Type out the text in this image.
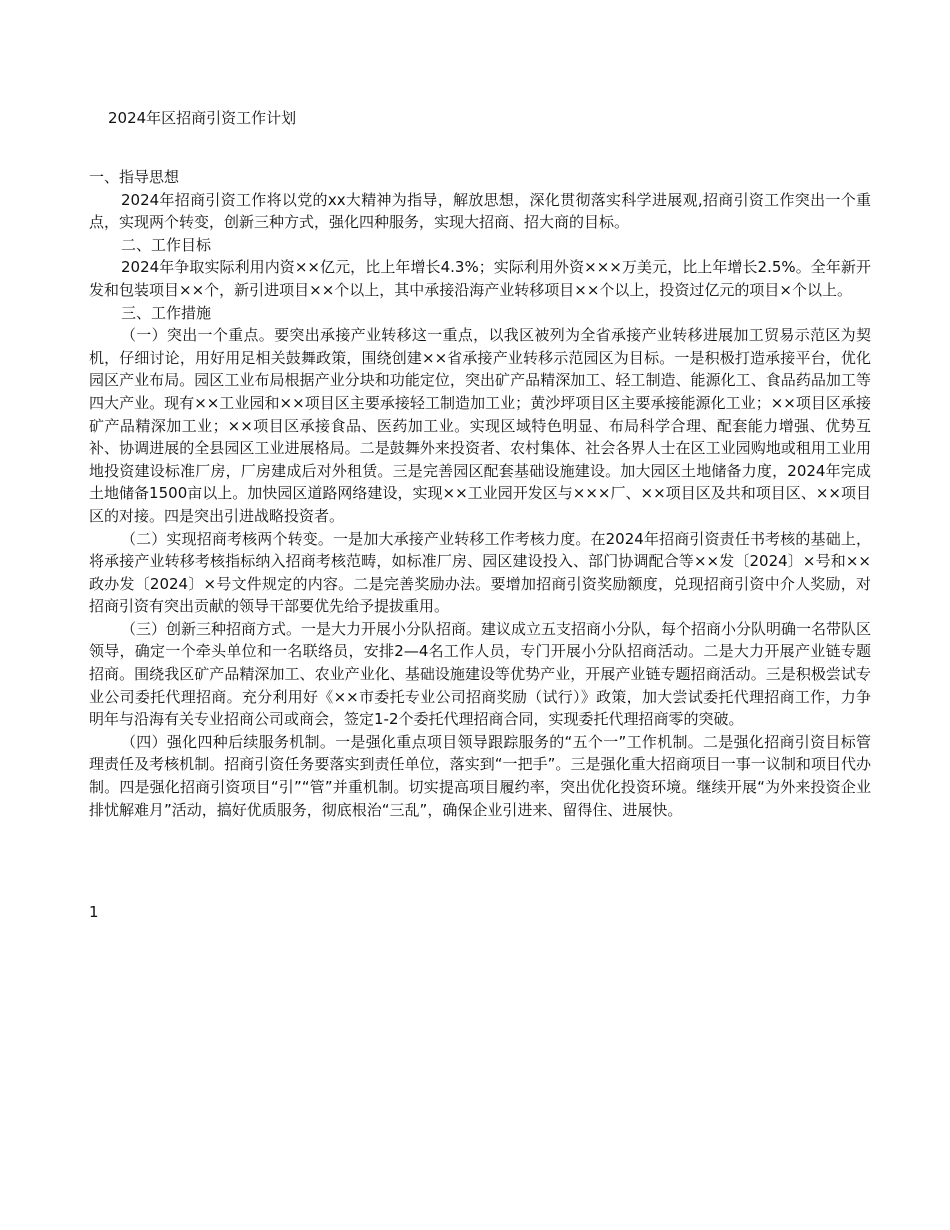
2024年区招商引资工作计划

一、指导思想

2024年招商引资工作将以党的xx大精神为指导，解放思想，深化贯彻落实科学进展观,招商引资工作突出一个重点，实现两个转变，创新三种方式，强化四种服务，实现大招商、招大商的目标。

二、工作目标

2024年争取实际利用内资××亿元，比上年增长4.3%；实际利用外资×××万美元，比上年增长2.5%。全年新开发和包装项目××个，新引进项目××个以上，其中承接沿海产业转移项目××个以上，投资过亿元的项目×个以上。

三、工作措施

（一）突出一个重点。要突出承接产业转移这一重点，以我区被列为全省承接产业转移进展加工贸易示范区为契机，仔细讨论，用好用足相关鼓舞政策，围绕创建××省承接产业转移示范园区为目标。一是积极打造承接平台，优化园区产业布局。园区工业布局根据产业分块和功能定位，突出矿产品精深加工、轻工制造、能源化工、食品药品加工等四大产业。现有××工业园和××项目区主要承接轻工制造加工业；黄沙坪项目区主要承接能源化工业；××项目区承接矿产品精深加工业；××项目区承接食品、医药加工业。实现区域特色明显、布局科学合理、配套能力增强、优势互补、协调进展的全县园区工业进展格局。二是鼓舞外来投资者、农村集体、社会各界人士在区工业园购地或租用工业用地投资建设标准厂房，厂房建成后对外租赁。三是完善园区配套基础设施建设。加大园区土地储备力度，2024年完成土地储备1500亩以上。加快园区道路网络建设，实现××工业园开发区与×××厂、××项目区及共和项目区、××项目区的对接。四是突出引进战略投资者。

（二）实现招商考核两个转变。一是加大承接产业转移工作考核力度。在2024年招商引资责任书考核的基础上，将承接产业转移考核指标纳入招商考核范畴，如标准厂房、园区建设投入、部门协调配合等××发〔2024〕×号和××政办发〔2024〕×号文件规定的内容。二是完善奖励办法。要增加招商引资奖励额度，兑现招商引资中介人奖励，对招商引资有突出贡献的领导干部要优先给予提拔重用。

（三）创新三种招商方式。一是大力开展小分队招商。建议成立五支招商小分队，每个招商小分队明确一名带队区领导，确定一个牵头单位和一名联络员，安排2—4名工作人员，专门开展小分队招商活动。二是大力开展产业链专题招商。围绕我区矿产品精深加工、农业产业化、基础设施建设等优势产业，开展产业链专题招商活动。三是积极尝试专业公司委托代理招商。充分利用好《××市委托专业公司招商奖励（试行）》政策，加大尝试委托代理招商工作，力争明年与沿海有关专业招商公司或商会，签定1-2个委托代理招商合同，实现委托代理招商零的突破。

（四）强化四种后续服务机制。一是强化重点项目领导跟踪服务的“五个一”工作机制。二是强化招商引资目标管理责任及考核机制。招商引资任务要落实到责任单位，落实到“一把手”。三是强化重大招商项目一事一议制和项目代办制。四是强化招商引资项目“引”“管”并重机制。切实提高项目履约率，突出优化投资环境。继续开展“为外来投资企业排忧解难月”活动，搞好优质服务，彻底根治“三乱”，确保企业引进来、留得住、进展快。

1
